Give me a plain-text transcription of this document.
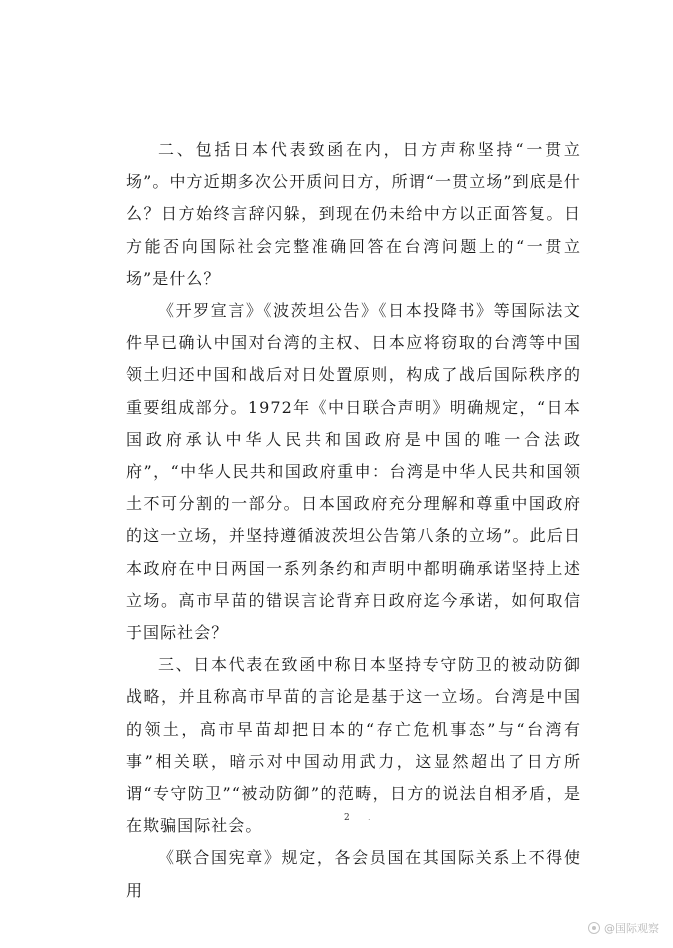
二、包括日本代表致函在内，日方声称坚持“一贯立场”。中方近期多次公开质问日方，所谓“一贯立场”到底是什么？日方始终言辞闪躲，到现在仍未给中方以正面答复。日方能否向国际社会完整准确回答在台湾问题上的“一贯立场”是什么？

《开罗宣言》《波茨坦公告》《日本投降书》等国际法文件早已确认中国对台湾的主权、日本应将窃取的台湾等中国领土归还中国和战后对日处置原则，构成了战后国际秩序的重要组成部分。1972年《中日联合声明》明确规定，“日本国政府承认中华人民共和国政府是中国的唯一合法政府”，“中华人民共和国政府重申：台湾是中华人民共和国领土不可分割的一部分。日本国政府充分理解和尊重中国政府的这一立场，并坚持遵循波茨坦公告第八条的立场”。此后日本政府在中日两国一系列条约和声明中都明确承诺坚持上述立场。高市早苗的错误言论背弃日政府迄今承诺，如何取信于国际社会？

三、日本代表在致函中称日本坚持专守防卫的被动防御战略，并且称高市早苗的言论是基于这一立场。台湾是中国的领土，高市早苗却把日本的“存亡危机事态”与“台湾有事”相关联，暗示对中国动用武力，这显然超出了日方所谓“专守防卫”“被动防御”的范畴，日方的说法自相矛盾，是在欺骗国际社会。

《联合国宪章》规定，各会员国在其国际关系上不得使用

2 .
@国际观察
